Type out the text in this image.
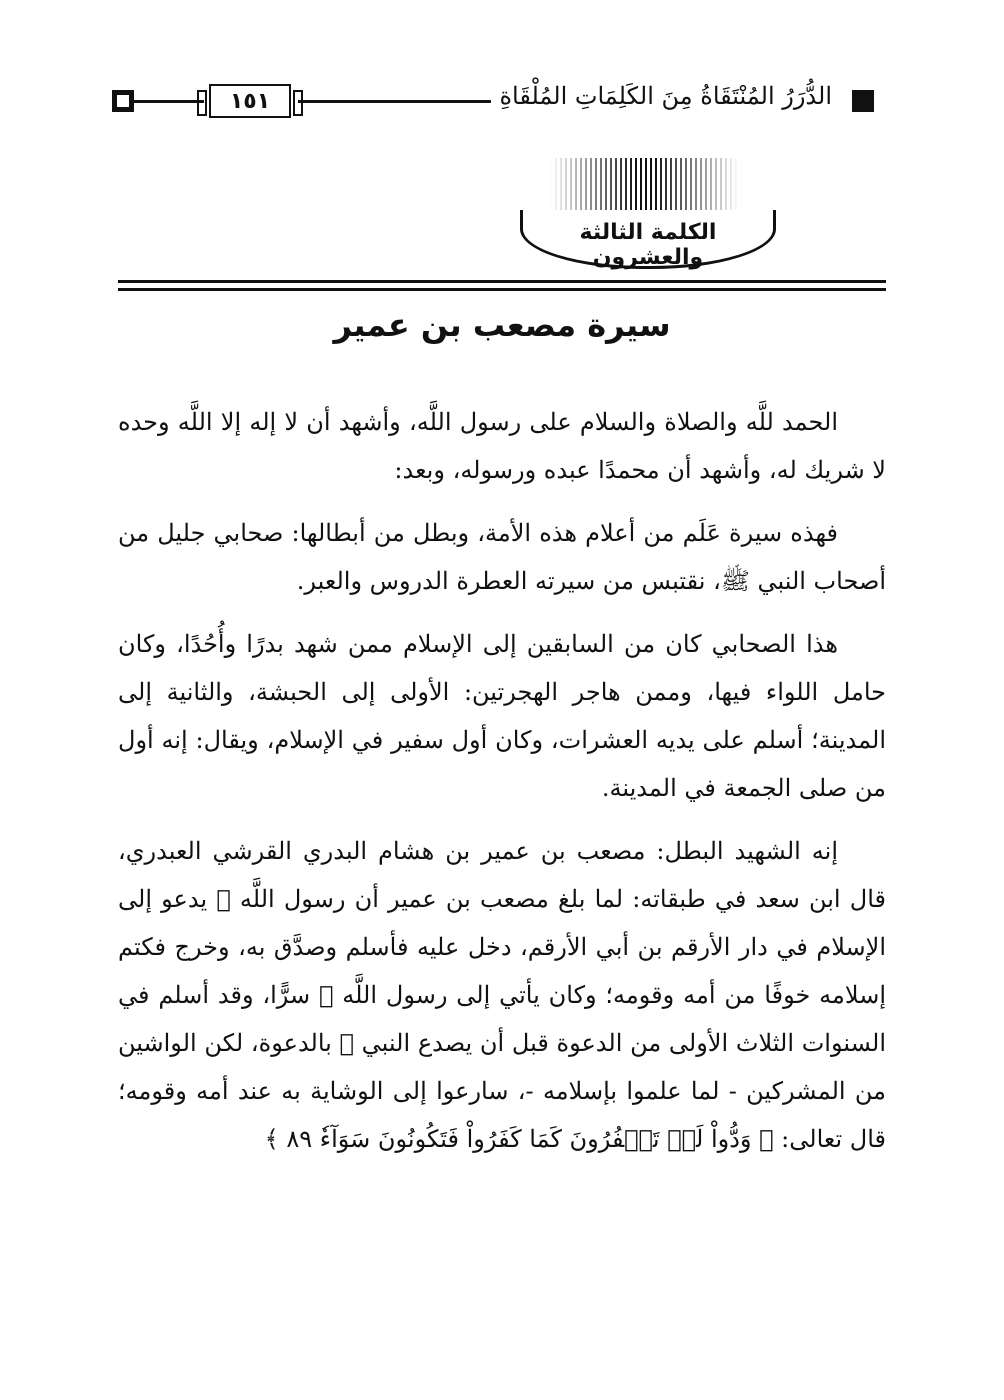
١٥١	الدُّرَرُ المُنْتَقَاةُ مِنَ الكَلِمَاتِ المُلْقَاةِ
الكلمة الثالثة والعشرون
سيرة مصعب بن عمير

الحمد للَّه والصلاة والسلام على رسول اللَّه، وأشهد أن لا إله إلا اللَّه وحده لا شريك له، وأشهد أن محمدًا عبده ورسوله، وبعد:

فهذه سيرة عَلَم من أعلام هذه الأمة، وبطل من أبطالها: صحابي جليل من أصحاب النبي ﷺ، نقتبس من سيرته العطرة الدروس والعبر.

هذا الصحابي كان من السابقين إلى الإسلام ممن شهد بدرًا وأُحُدًا، وكان حامل اللواء فيها، وممن هاجر الهجرتين: الأولى إلى الحبشة، والثانية إلى المدينة؛ أسلم على يديه العشرات، وكان أول سفير في الإسلام، ويقال: إنه أول من صلى الجمعة في المدينة.

إنه الشهيد البطل: مصعب بن عمير بن هشام البدري القرشي العبدري، قال ابن سعد في طبقاته: لما بلغ مصعب بن عمير أن رسول اللَّه ﷺ يدعو إلى الإسلام في دار الأرقم بن أبي الأرقم، دخل عليه فأسلم وصدَّق به، وخرج فكتم إسلامه خوفًا من أمه وقومه؛ وكان يأتي إلى رسول اللَّه ﷺ سرًّا، وقد أسلم في السنوات الثلاث الأولى من الدعوة قبل أن يصدع النبي ﷺ بالدعوة، لكن الواشين من المشركين - لما علموا بإسلامه -، سارعوا إلى الوشاية به عند أمه وقومه؛ قال تعالى: ﴿ وَدُّواْ لَوۡ تَكۡفُرُونَ كَمَا كَفَرُواْ فَتَكُونُونَ سَوَآءٗ ٨٩ ﴾
